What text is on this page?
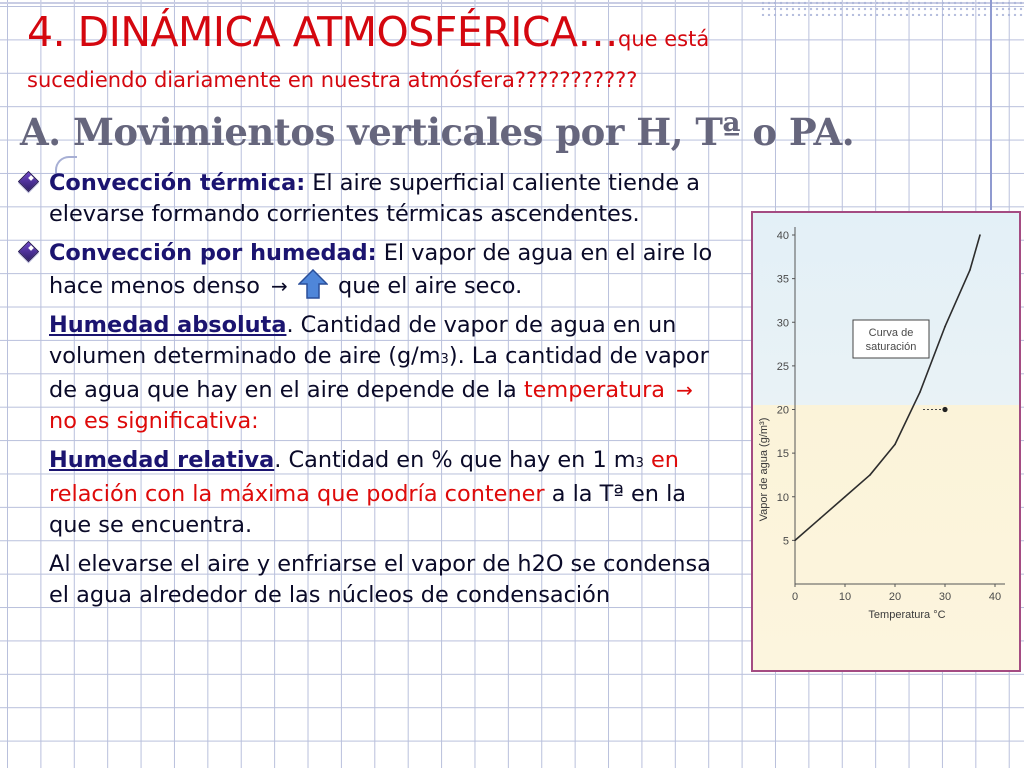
4. DINÁMICA ATMOSFÉRICA…que está

sucediendo diariamente en nuestra atmósfera???????????

A. Movimientos verticales por H, Tª o PA.

Convección térmica: El aire superficial caliente tiende a elevarse formando corrientes térmicas ascendentes.

Convección por humedad: El vapor de agua en el aire lo hace menos denso →  que el aire seco.

Humedad absoluta. Cantidad de vapor de agua en un volumen determinado de aire (g/m3). La cantidad de vapor de agua que hay en el aire depende de la temperatura → no es significativa:

Humedad relativa. Cantidad en % que hay en 1 m3 en relación con la máxima que podría contener a la Tª en la que se encuentra.

Al elevarse el aire y enfriarse el vapor de h2O se condensa el agua alrededor de las núcleos de condensación

5
10
15
20
25
30
35
40
0	10	20	30	40
Temperatura °C
Vapor de agua (g/m³)
Curva de
saturación
